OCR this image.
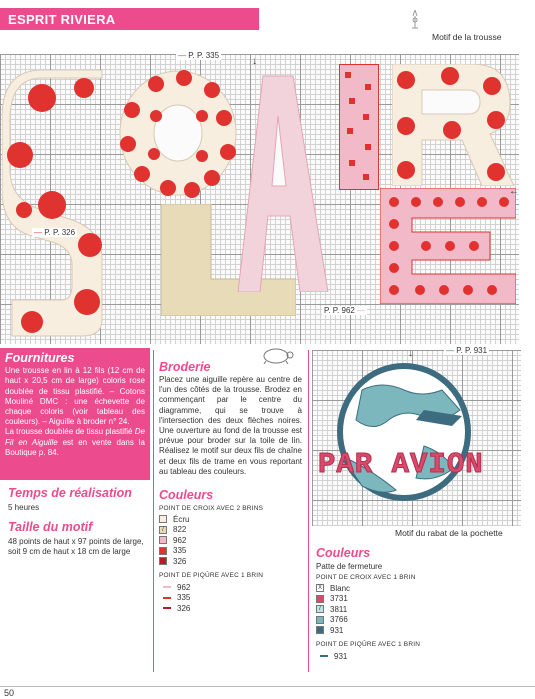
ESPRIT RIVIERA
Motif de la trousse
— P. P. 335
↓
— P. P. 326
P. P. 962 —
←
Fournitures

Une trousse en lin à 12 fils (12 cm de haut x 20,5 cm de large) coloris rose doublée de tissu plastifié. – Cotons Mouliné DMC : une échevette de chaque coloris (voir tableau des couleurs). – Aiguille à broder n° 24.

La trousse doublée de tissu plastifié De Fil en Aiguille est en vente dans la Boutique p. 84.

Temps de réalisation
5 heures
Taille du motif
48 points de haut x 97 points de large, soit 9 cm de haut x 18 cm de large
Broderie
Placez une aiguille repère au centre de l'un des côtés de la trousse. Brodez en commençant par le centre du diagramme, qui se trouve à l'intersection des deux flèches noires. Une ouverture au fond de la trousse est prévue pour broder sur la toile de lin. Réalisez le motif sur deux fils de chaîne et deux fils de trame en vous reportant au tableau des couleurs.
Couleurs
POINT DE CROIX AVEC 2 BRINS
Écru
/	822
962
335
326
POINT DE PIQÛRE AVEC 1 BRIN
962
335
326
PAR AVION
— P. P. 931
↓
Motif du rabat de la pochette
Couleurs
Patte de fermeture
POINT DE CROIX AVEC 1 BRIN
X Blanc
3731
/	3811
3766
931
POINT DE PIQÛRE AVEC 1 BRIN
931
50
